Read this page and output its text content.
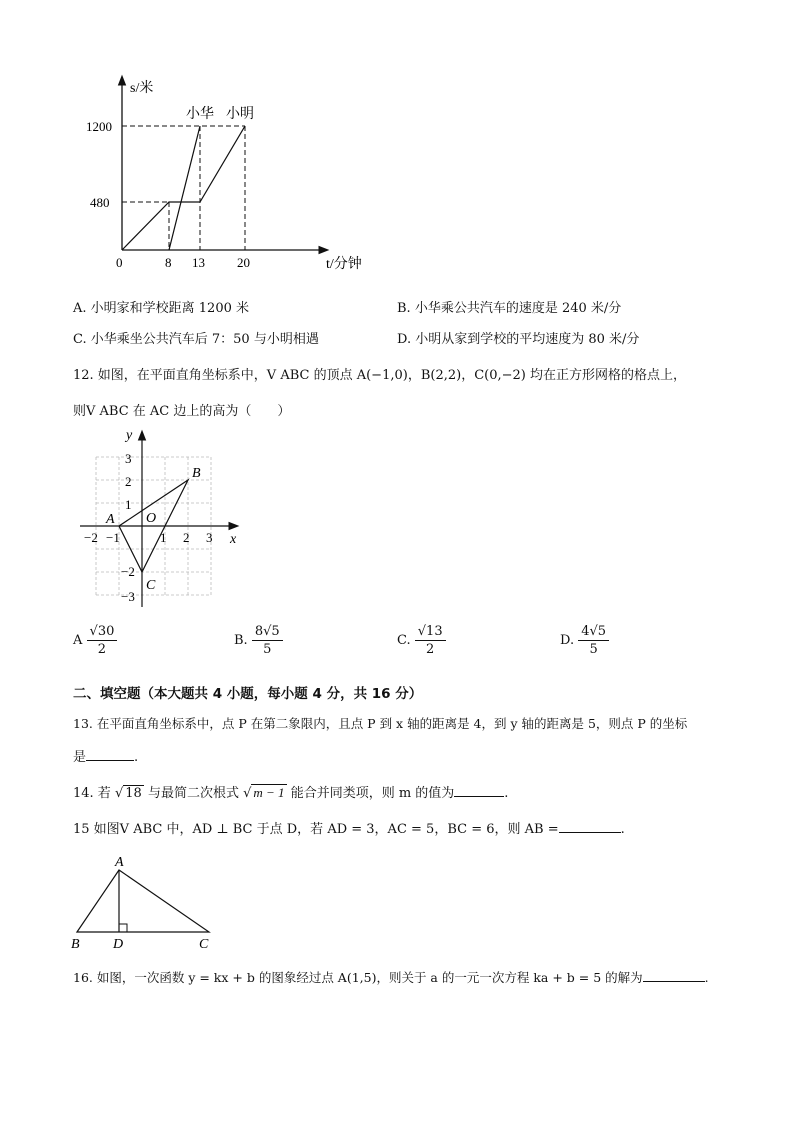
s/米
1200
480
0	8 13 20	t/分钟
小华 小明
A. 小明家和学校距离 1200 米	B. 小华乘公共汽车的速度是 240 米/分
C. 小华乘坐公共汽车后 7：50 与小明相遇	D. 小明从家到学校的平均速度为 80 米/分
12. 如图，在平面直角坐标系中，V ABC 的顶点 A(−1,0)，B(2,2)，C(0,−2) 均在正方形网格的格点上，
则V ABC 在 AC 边上的高为（　　）
y
x
3
2
1
−2
−3
−2 −1	1 2 3
A
B
C
O
A $\frac{√30}{2}$	B. $\frac{8√5}{5}$	C. $\frac{√13}{2}$	D. $\frac{4√5}{5}$
二、填空题（本大题共 4 小题，每小题 4 分，共 16 分）
13. 在平面直角坐标系中，点 P 在第二象限内，且点 P 到 x 轴的距离是 4，到 y 轴的距离是 5，则点 P 的坐标
是	.
14. 若 √ 18 与最简二次根式 √ m − 1 能合并同类项，则 m 的值为	.
15 如图V ABC 中，AD ⊥ BC 于点 D，若 AD = 3，AC = 5，BC = 6，则 AB =	.
A
B D	C
16. 如图，一次函数 y = kx + b 的图象经过点 A(1,5)，则关于 a 的一元一次方程 ka + b = 5 的解为	.
